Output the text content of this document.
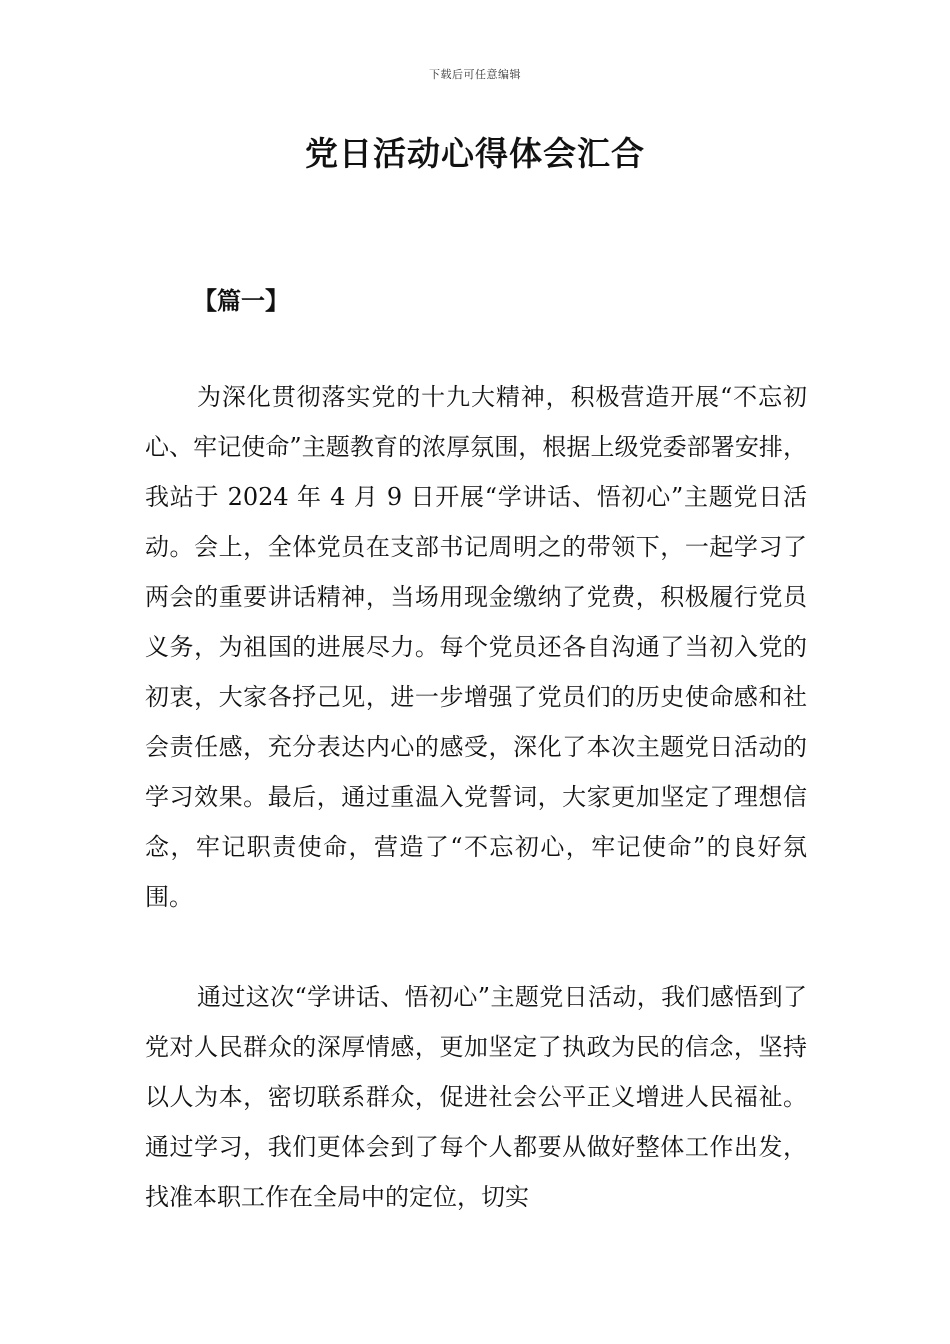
下载后可任意编辑
党日活动心得体会汇合
【篇一】

为深化贯彻落实党的十九大精神，积极营造开展“不忘初心、牢记使命”主题教育的浓厚氛围，根据上级党委部署安排，我站于 2024 年 4 月 9 日开展“学讲话、悟初心”主题党日活动。会上，全体党员在支部书记周明之的带领下，一起学习了两会的重要讲话精神，当场用现金缴纳了党费，积极履行党员义务，为祖国的进展尽力。每个党员还各自沟通了当初入党的初衷，大家各抒己见，进一步增强了党员们的历史使命感和社会责任感，充分表达内心的感受，深化了本次主题党日活动的学习效果。最后，通过重温入党誓词，大家更加坚定了理想信念，牢记职责使命，营造了“不忘初心，牢记使命”的良好氛围。

通过这次“学讲话、悟初心”主题党日活动，我们感悟到了党对人民群众的深厚情感，更加坚定了执政为民的信念，坚持以人为本，密切联系群众，促进社会公平正义增进人民福祉。通过学习，我们更体会到了每个人都要从做好整体工作出发，找准本职工作在全局中的定位，切实
